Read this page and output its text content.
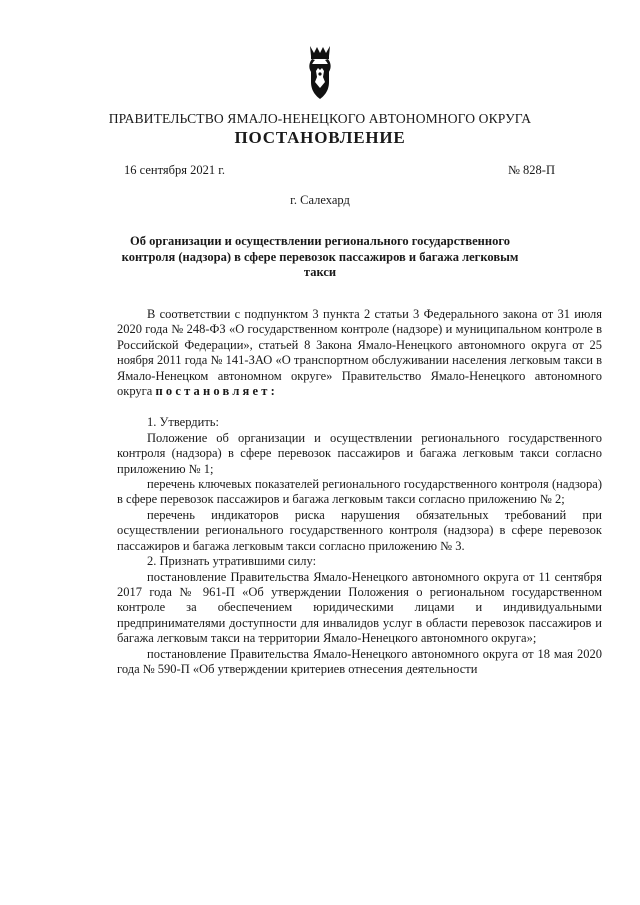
ПРАВИТЕЛЬСТВО ЯМАЛО-НЕНЕЦКОГО АВТОНОМНОГО ОКРУГА
ПОСТАНОВЛЕНИЕ
16 сентября 2021 г.	№ 828-П
г. Салехард
Об организации и осуществлении регионального государственного контроля (надзора) в сфере перевозок пассажиров и багажа легковым такси

В соответствии с подпунктом 3 пункта 2 статьи 3 Федерального закона от 31 июля 2020 года № 248-ФЗ «О государственном контроле (надзоре) и муниципальном контроле в Российской Федерации», статьей 8 Закона Ямало-Ненецкого автономного округа от 25 ноября 2011 года № 141-ЗАО «О транспортном обслуживании населения легковым такси в Ямало-Ненецком автономном округе» Правительство Ямало-Ненецкого автономного округа постановляет:

1. Утвердить:

Положение об организации и осуществлении регионального государственного контроля (надзора) в сфере перевозок пассажиров и багажа легковым такси согласно приложению № 1;

перечень ключевых показателей регионального государственного контроля (надзора) в сфере перевозок пассажиров и багажа легковым такси согласно приложению № 2;

перечень индикаторов риска нарушения обязательных требований при осуществлении регионального государственного контроля (надзора) в сфере перевозок пассажиров и багажа легковым такси согласно приложению № 3.

2. Признать утратившими силу:

постановление Правительства Ямало-Ненецкого автономного округа от 11 сентября 2017 года № 961-П «Об утверждении Положения о региональном государственном контроле за обеспечением юридическими лицами и индивидуальными предпринимателями доступности для инвалидов услуг в области перевозок пассажиров и багажа легковым такси на территории Ямало-Ненецкого автономного округа»;

постановление Правительства Ямало-Ненецкого автономного округа от 18 мая 2020 года № 590-П «Об утверждении критериев отнесения деятельности
